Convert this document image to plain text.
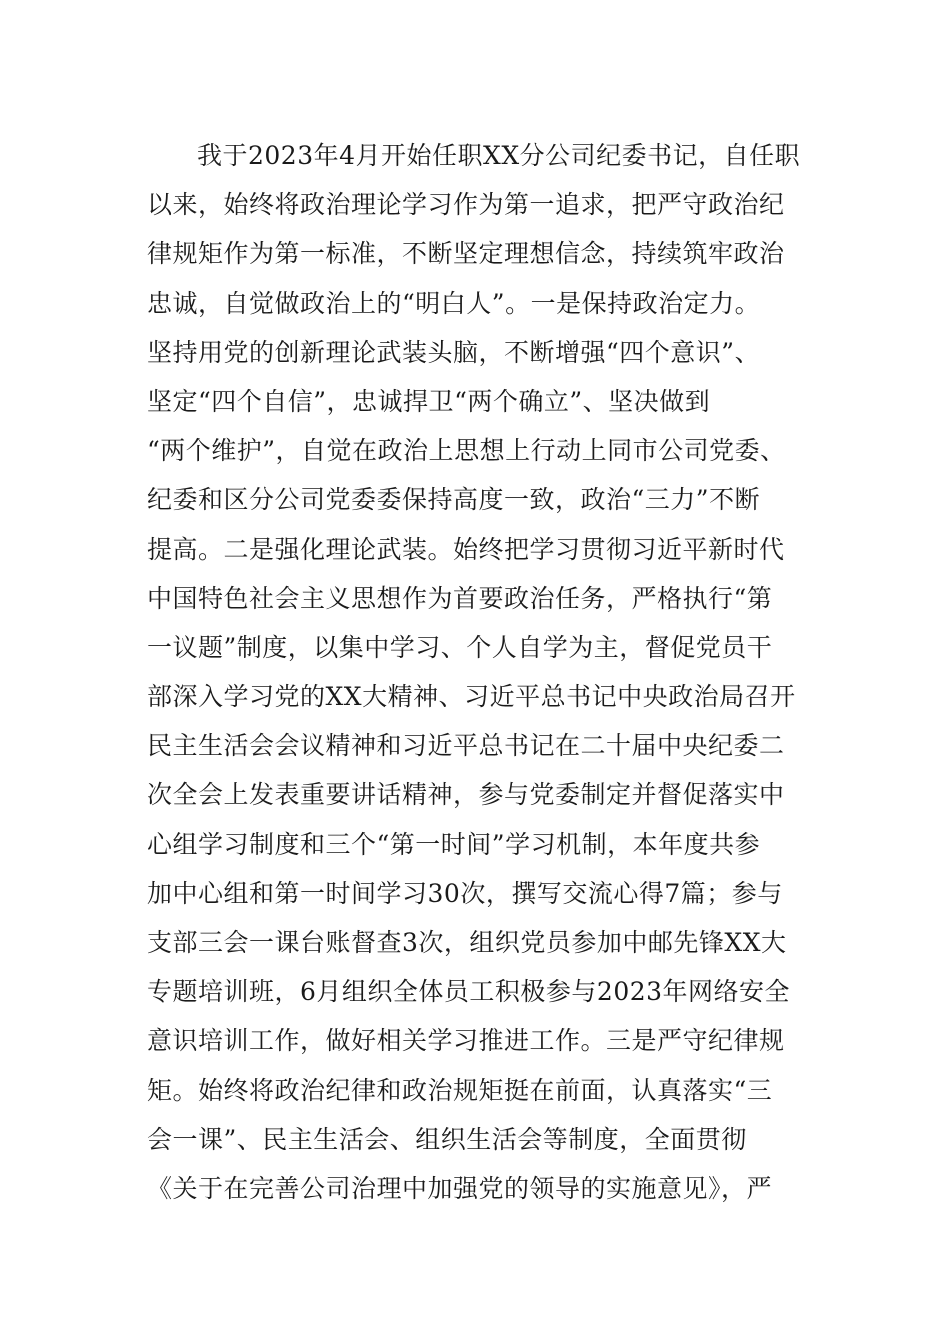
我于2023年4月开始任职XX分公司纪委书记，自任职
以来，始终将政治理论学习作为第一追求，把严守政治纪
律规矩作为第一标准，不断坚定理想信念，持续筑牢政治
忠诚，自觉做政治上的“明白人”。一是保持政治定力。
坚持用党的创新理论武装头脑，不断增强“四个意识”、
坚定“四个自信”，忠诚捍卫“两个确立”、坚决做到
“两个维护”，自觉在政治上思想上行动上同市公司党委、
纪委和区分公司党委委保持高度一致，政治“三力”不断
提高。二是强化理论武装。始终把学习贯彻习近平新时代
中国特色社会主义思想作为首要政治任务，严格执行“第
一议题”制度，以集中学习、个人自学为主，督促党员干
部深入学习党的XX大精神、习近平总书记中央政治局召开
民主生活会会议精神和习近平总书记在二十届中央纪委二
次全会上发表重要讲话精神，参与党委制定并督促落实中
心组学习制度和三个“第一时间”学习机制，本年度共参
加中心组和第一时间学习30次，撰写交流心得7篇；参与
支部三会一课台账督查3次，组织党员参加中邮先锋XX大
专题培训班，6月组织全体员工积极参与2023年网络安全
意识培训工作，做好相关学习推进工作。三是严守纪律规
矩。始终将政治纪律和政治规矩挺在前面，认真落实“三
会一课”、民主生活会、组织生活会等制度，全面贯彻
《关于在完善公司治理中加强党的领导的实施意见》，严
